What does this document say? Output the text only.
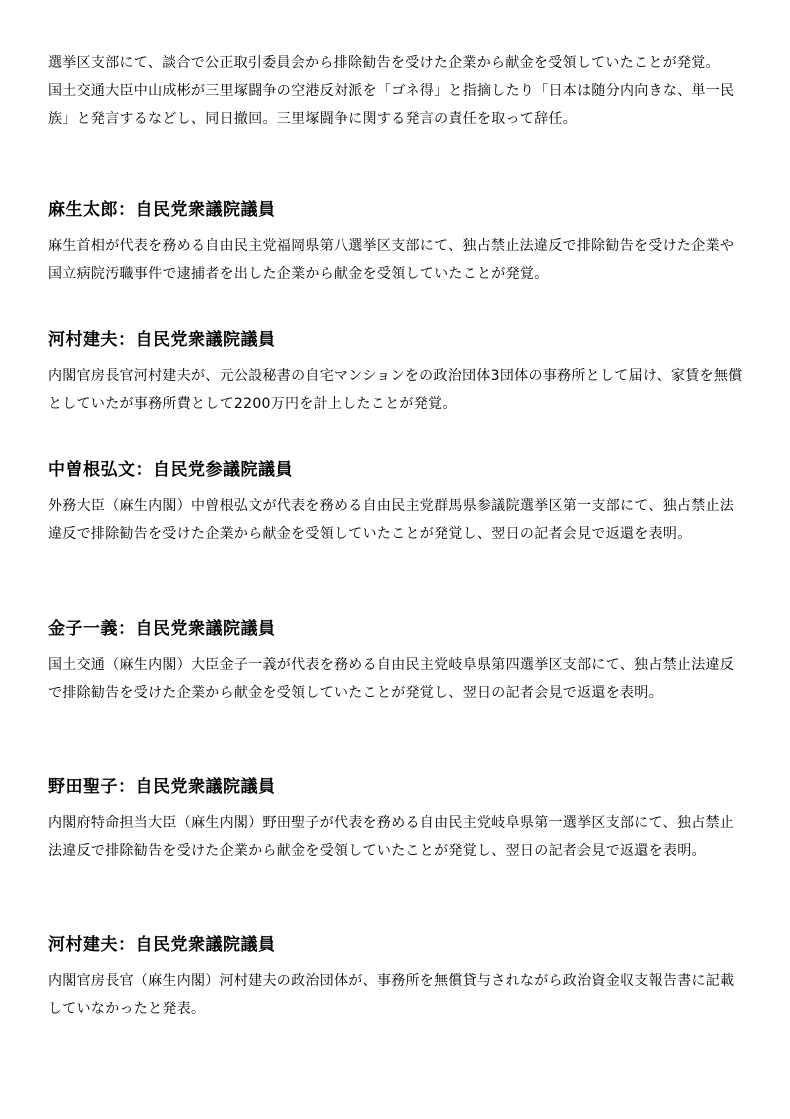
選挙区支部にて、談合で公正取引委員会から排除勧告を受けた企業から献金を受領していたことが発覚。

国土交通大臣中山成彬が三里塚闘争の空港反対派を「ゴネ得」と指摘したり「日本は随分内向きな、単一民族」と発言するなどし、同日撤回。三里塚闘争に関する発言の責任を取って辞任。

麻生太郎：自民党衆議院議員

麻生首相が代表を務める自由民主党福岡県第八選挙区支部にて、独占禁止法違反で排除勧告を受けた企業や国立病院汚職事件で逮捕者を出した企業から献金を受領していたことが発覚。

河村建夫：自民党衆議院議員

内閣官房長官河村建夫が、元公設秘書の自宅マンションをの政治団体3団体の事務所として届け、家賃を無償としていたが事務所費として2200万円を計上したことが発覚。

中曽根弘文：自民党参議院議員

外務大臣（麻生内閣）中曽根弘文が代表を務める自由民主党群馬県参議院選挙区第一支部にて、独占禁止法違反で排除勧告を受けた企業から献金を受領していたことが発覚し、翌日の記者会見で返還を表明。

金子一義：自民党衆議院議員

国土交通（麻生内閣）大臣金子一義が代表を務める自由民主党岐阜県第四選挙区支部にて、独占禁止法違反で排除勧告を受けた企業から献金を受領していたことが発覚し、翌日の記者会見で返還を表明。

野田聖子：自民党衆議院議員

内閣府特命担当大臣（麻生内閣）野田聖子が代表を務める自由民主党岐阜県第一選挙区支部にて、独占禁止法違反で排除勧告を受けた企業から献金を受領していたことが発覚し、翌日の記者会見で返還を表明。

河村建夫：自民党衆議院議員

内閣官房長官（麻生内閣）河村建夫の政治団体が、事務所を無償貸与されながら政治資金収支報告書に記載していなかったと発表。
